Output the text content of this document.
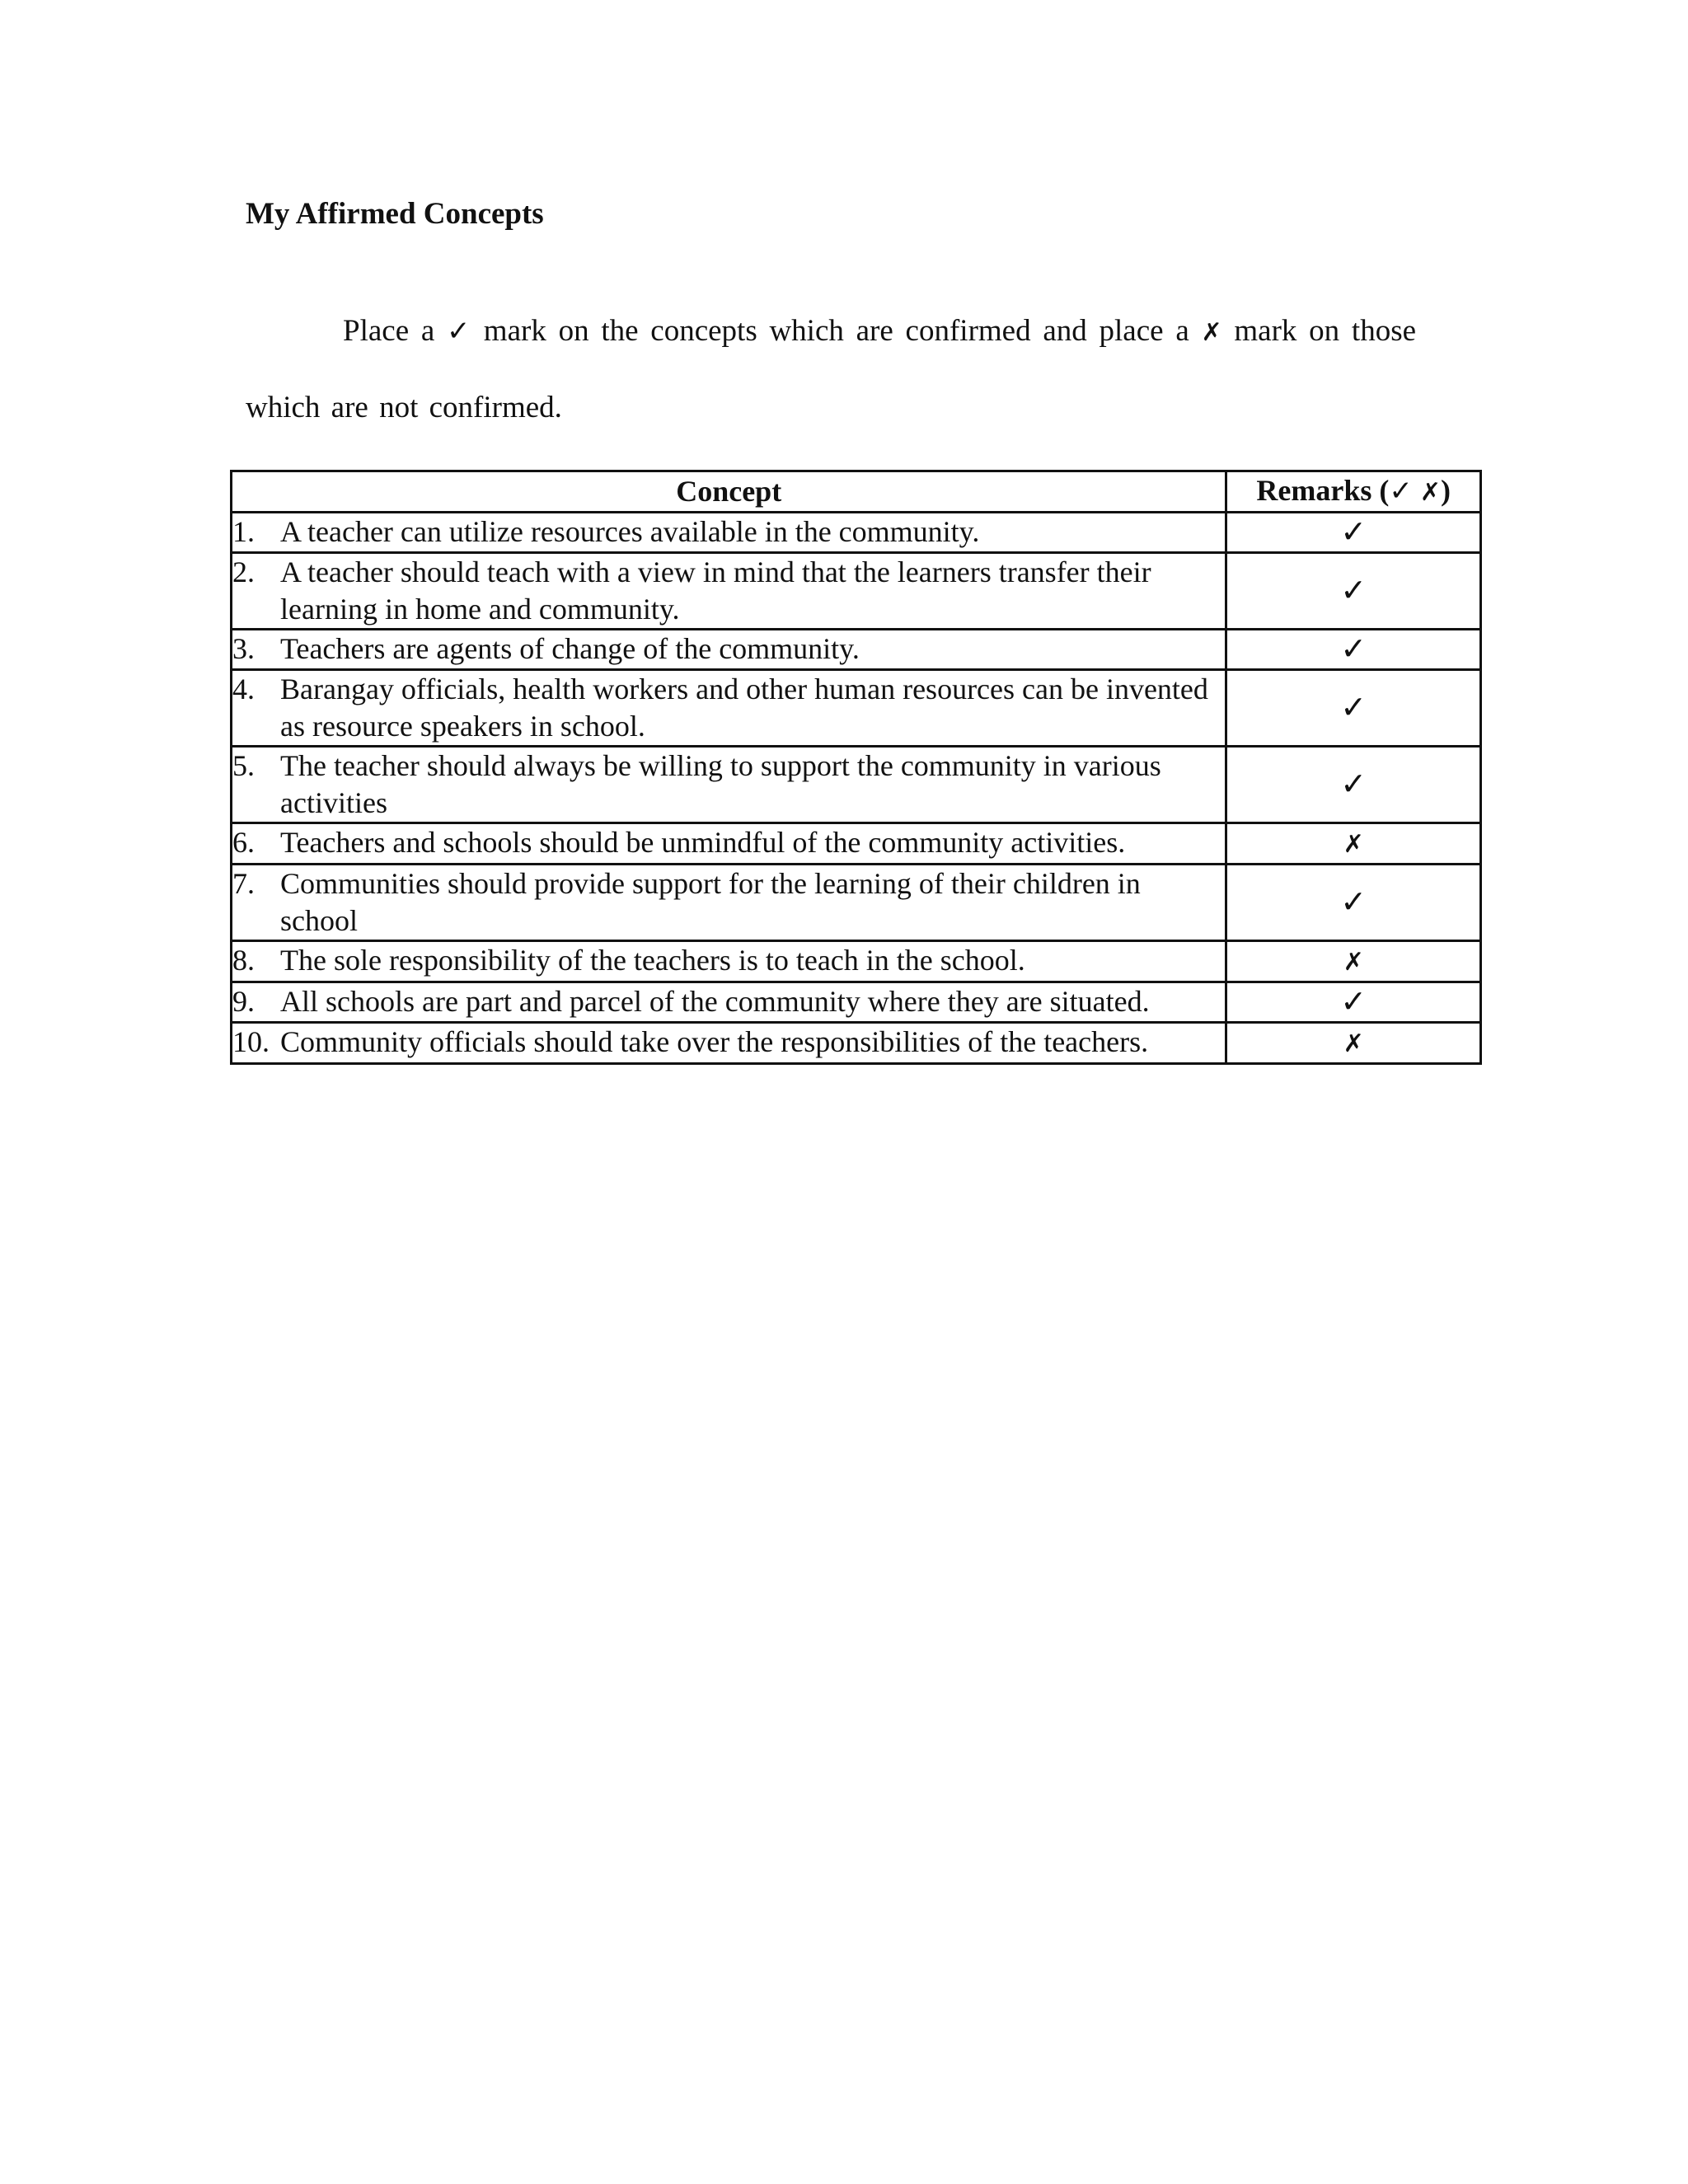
My Affirmed Concepts

Place a ✓ mark on the concepts which are confirmed and place a ✗ mark on those which are not confirmed.

Concept	Remarks (✓ ✗)

1. A teacher can utilize resources available in the community.	✓

2. A teacher should teach with a view in mind that the learners transfer their learning in home and community.	✓

3. Teachers are agents of change of the community.	✓

4. Barangay officials, health workers and other human resources can be invented as resource speakers in school.	✓

5. The teacher should always be willing to support the community in various activities	✓

6. Teachers and schools should be unmindful of the community activities.	✗

7. Communities should provide support for the learning of their children in school	✓

8. The sole responsibility of the teachers is to teach in the school.	✗

9. All schools are part and parcel of the community where they are situated.	✓

10. Community officials should take over the responsibilities of the teachers.	✗
